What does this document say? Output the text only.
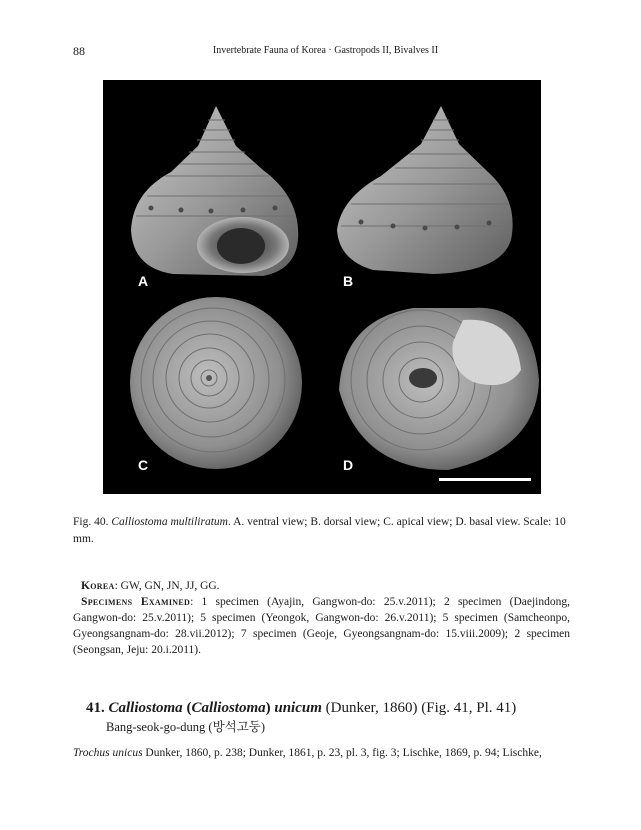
88	Invertebrate Fauna of Korea · Gastropods II, Bivalves II
A	B
C	D
Fig. 40. Calliostoma multiliratum. A. ventral view; B. dorsal view; C. apical view; D. basal view. Scale: 10 mm.

Korea: GW, GN, JN, JJ, GG.

Specimens Examined: 1 specimen (Ayajin, Gangwon-do: 25.v.2011); 2 specimen (Daejindong, Gangwon-do: 25.v.2011); 5 specimen (Yeongok, Gangwon-do: 26.v.2011); 5 specimen (Samcheonpo, Gyeongsangnam-do: 28.vii.2012); 7 specimen (Geoje, Gyeongsangnam-do: 15.viii.2009); 2 specimen (Seongsan, Jeju: 20.i.2011).

41. Calliostoma (Calliostoma) unicum (Dunker, 1860) (Fig. 41, Pl. 41)
Bang-seok-go-dung (방석고둥)
Trochus unicus Dunker, 1860, p. 238; Dunker, 1861, p. 23, pl. 3, fig. 3; Lischke, 1869, p. 94; Lischke,
